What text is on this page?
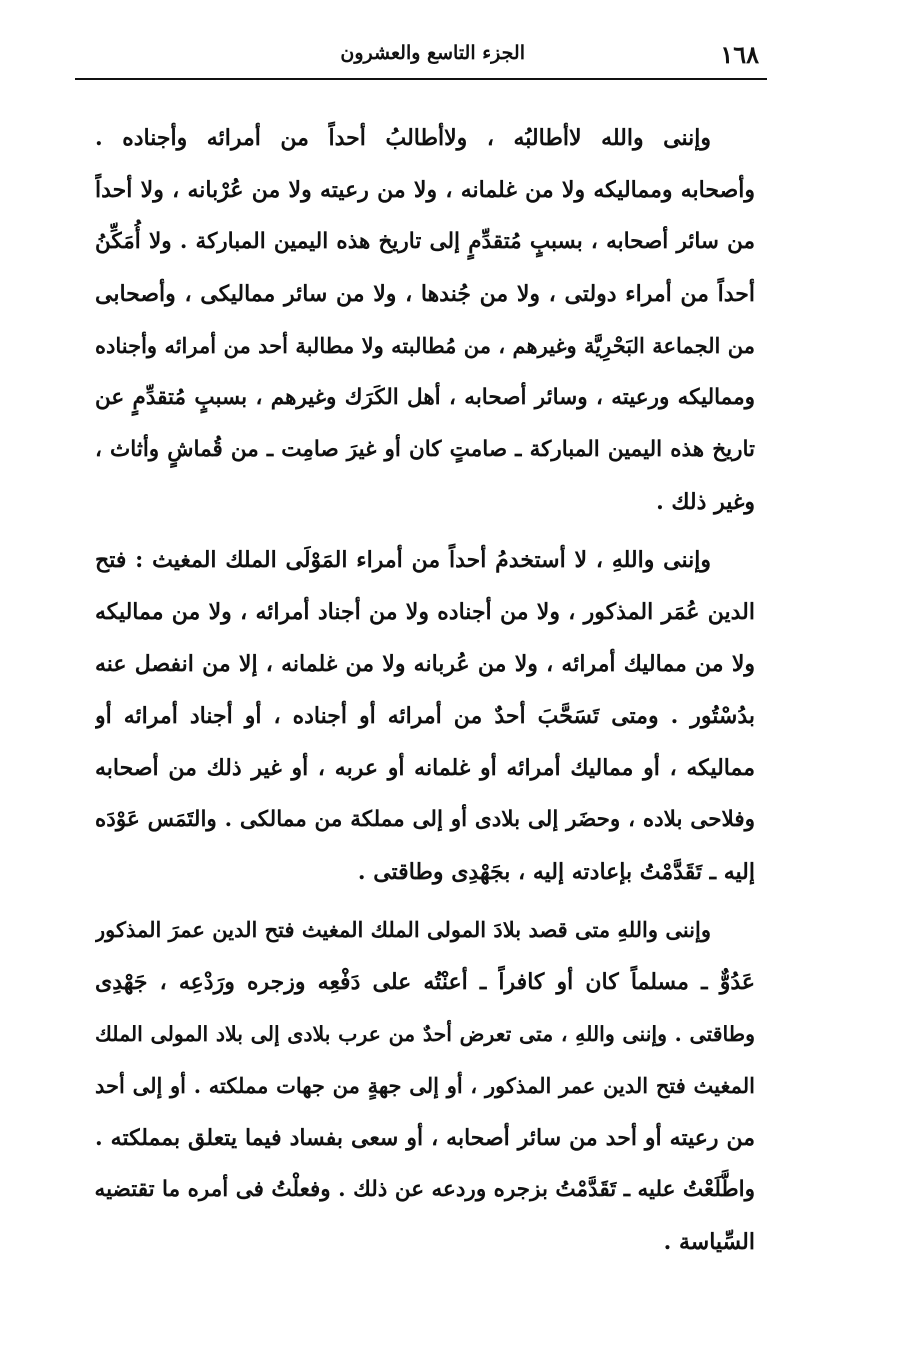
١٦٨
الجزء التاسع والعشرون
وإننى والله لاأطالبُه ، ولاأطالبُ أحداً من أمرائه وأجناده .
وأصحابه ومماليكه ولا من غلمانه ، ولا من رعيته ولا من عُرْبانه ، ولا أحداً
من سائر أصحابه ، بسببٍ مُتقدِّمٍ إلى تاريخ هذه اليمين المباركة . ولا أُمَكِّنُ
أحداً من أمراء دولتى ، ولا من جُندها ، ولا من سائر مماليكى ، وأصحابى
من الجماعة البَحْرِيَّة وغيرهم ، من مُطالبته ولا مطالبة أحد من أمرائه وأجناده
ومماليكه ورعيته ، وسائر أصحابه ، أهل الكَرَك وغيرهم ، بسببٍ مُتقدِّمٍ عن
تاريخ هذه اليمين المباركة ـ صامتٍ كان أو غيرَ صامِت ـ من قُماشٍ وأثاث ،
وغير ذلك .
وإننى واللهِ ، لا أستخدمُ أحداً من أمراء المَوْلَى الملك المغيث : فتح
الدين عُمَر المذكور ، ولا من أجناده ولا من أجناد أمرائه ، ولا من مماليكه
ولا من مماليك أمرائه ، ولا من عُربانه ولا من غلمانه ، إلا من انفصل عنه
بدُسْتُور . ومتى تَسَحَّبَ أحدٌ من أمرائه أو أجناده ، أو أجناد أمرائه أو
مماليكه ، أو مماليك أمرائه أو غلمانه أو عربه ، أو غير ذلك من أصحابه
وفلاحى بلاده ، وحضَر إلى بلادى أو إلى مملكة من ممالكى . والتَمَس عَوْدَه
إليه ـ تَقَدَّمْتُ بإعادته إليه ، بجَهْدِى وطاقتى .
وإننى واللهِ متى قصد بلادَ المولى الملك المغيث فتح الدين عمرَ المذكور
عَدُوٌّ ـ مسلماً كان أو كافراً ـ أعنْتُه على دَفْعِه وزجره ورَدْعِه ، جَهْدِى
وطاقتى . وإننى واللهِ ، متى تعرض أحدٌ من عرب بلادى إلى بلاد المولى الملك
المغيث فتح الدين عمر المذكور ، أو إلى جهةٍ من جهات مملكته . أو إلى أحد
من رعيته أو أحد من سائر أصحابه ، أو سعى بفساد فيما يتعلق بمملكته .
واطَّلَعْتُ عليه ـ تَقَدَّمْتُ بزجره وردعه عن ذلك . وفعلْتُ فى أمره ما تقتضيه
السِّياسة .
